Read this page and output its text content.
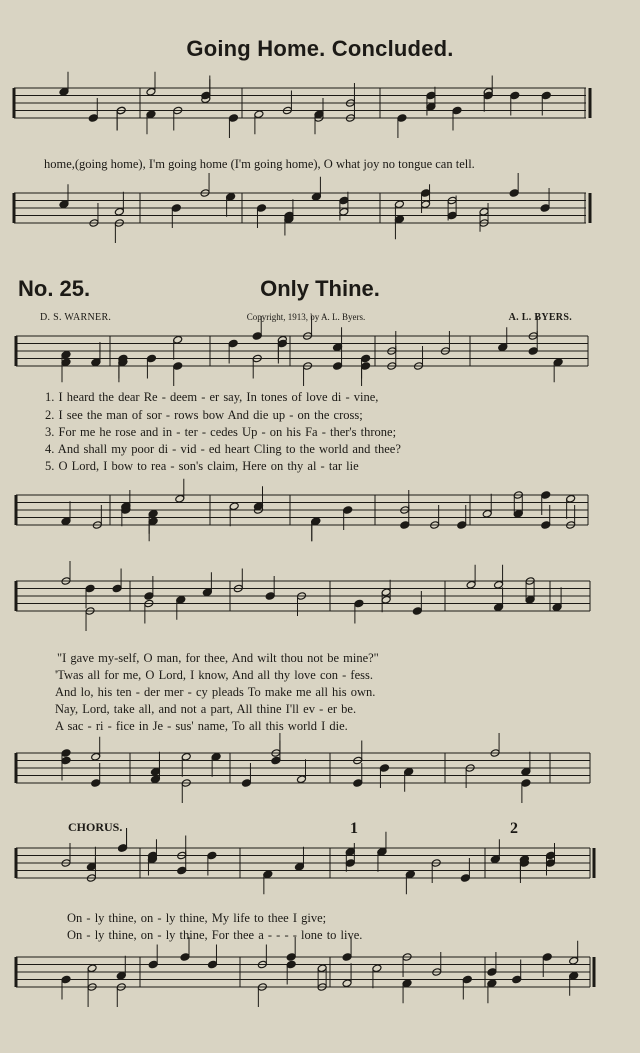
Going Home. Concluded.
𝄞
𝄢
𝄞
𝄢
𝄞
𝄢
𝄞
𝄢
home,(going home), I'm going home (I'm going home), O what joy no tongue can tell.
No. 25.	Only Thine.
D. S. WARNER.	Copyright, 1913, by A. L. Byers.	A. L. BYERS.
1. I heard the dear Re - deem - er say, In tones of love di - vine,
2. I see the man of sor - rows bow And die up - on the cross;
3. For me he rose and in - ter - cedes Up - on his Fa - ther's throne;
4. And shall my poor di - vid - ed heart Cling to the world and thee?
5. O Lord, I bow to rea - son's claim, Here on thy al - tar lie
"I gave my-self, O man, for thee, And wilt thou not be mine?"
'Twas all for me, O Lord, I know, And all thy love con - fess.
And lo, his ten - der mer - cy pleads To make me all his own.
Nay, Lord, take all, and not a part, All thine I'll ev - er be.
A sac - ri - fice in Je - sus' name, To all this world I die.
CHORUS.
On - ly thine, on - ly thine, My life to thee I give;
On - ly thine, on - ly thine, For thee a - - - - lone to live.
1	2
